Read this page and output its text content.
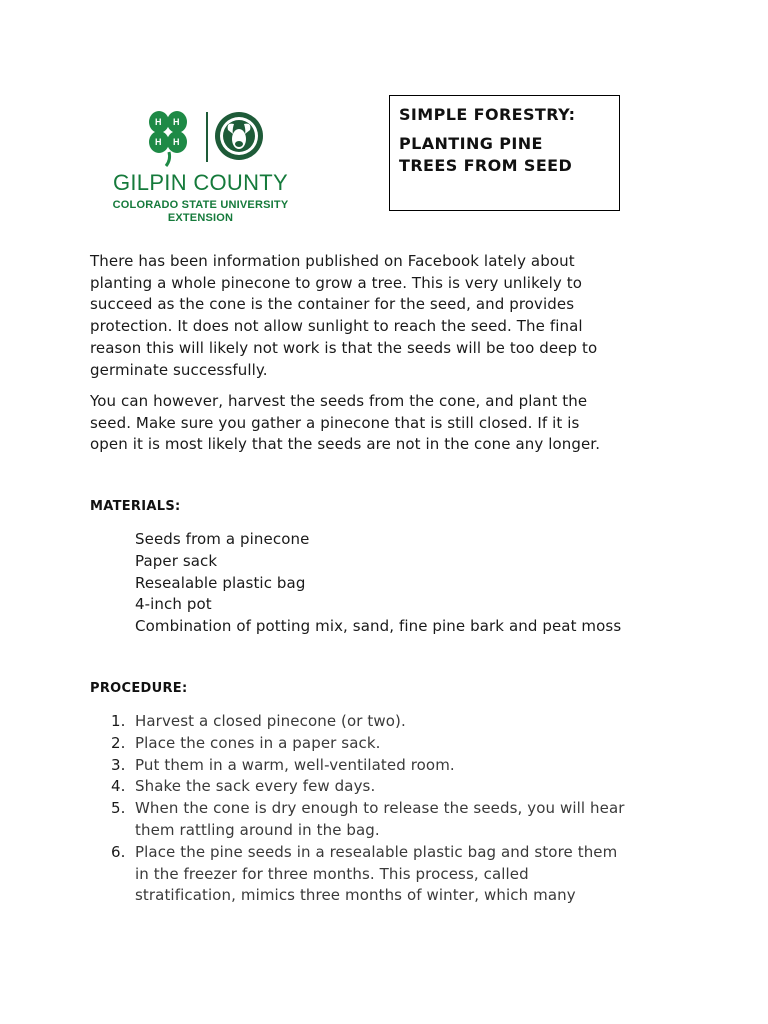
H H
H H
GILPIN COUNTY
COLORADO STATE UNIVERSITY
EXTENSION
SIMPLE FORESTRY:
PLANTING PINE
TREES FROM SEED
There has been information published on Facebook lately about
planting a whole pinecone to grow a tree. This is very unlikely to
succeed as the cone is the container for the seed, and provides
protection. It does not allow sunlight to reach the seed. The final
reason this will likely not work is that the seeds will be too deep to
germinate successfully.
You can however, harvest the seeds from the cone, and plant the
seed. Make sure you gather a pinecone that is still closed. If it is
open it is most likely that the seeds are not in the cone any longer.
MATERIALS:
Seeds from a pinecone
Paper sack
Resealable plastic bag
4-inch pot
Combination of potting mix, sand, fine pine bark and peat moss
PROCEDURE:
1. Harvest a closed pinecone (or two).
2. Place the cones in a paper sack.
3. Put them in a warm, well-ventilated room.
4. Shake the sack every few days.
5. When the cone is dry enough to release the seeds, you will hear
them rattling around in the bag.
6. Place the pine seeds in a resealable plastic bag and store them
in the freezer for three months. This process, called
stratification, mimics three months of winter, which many
